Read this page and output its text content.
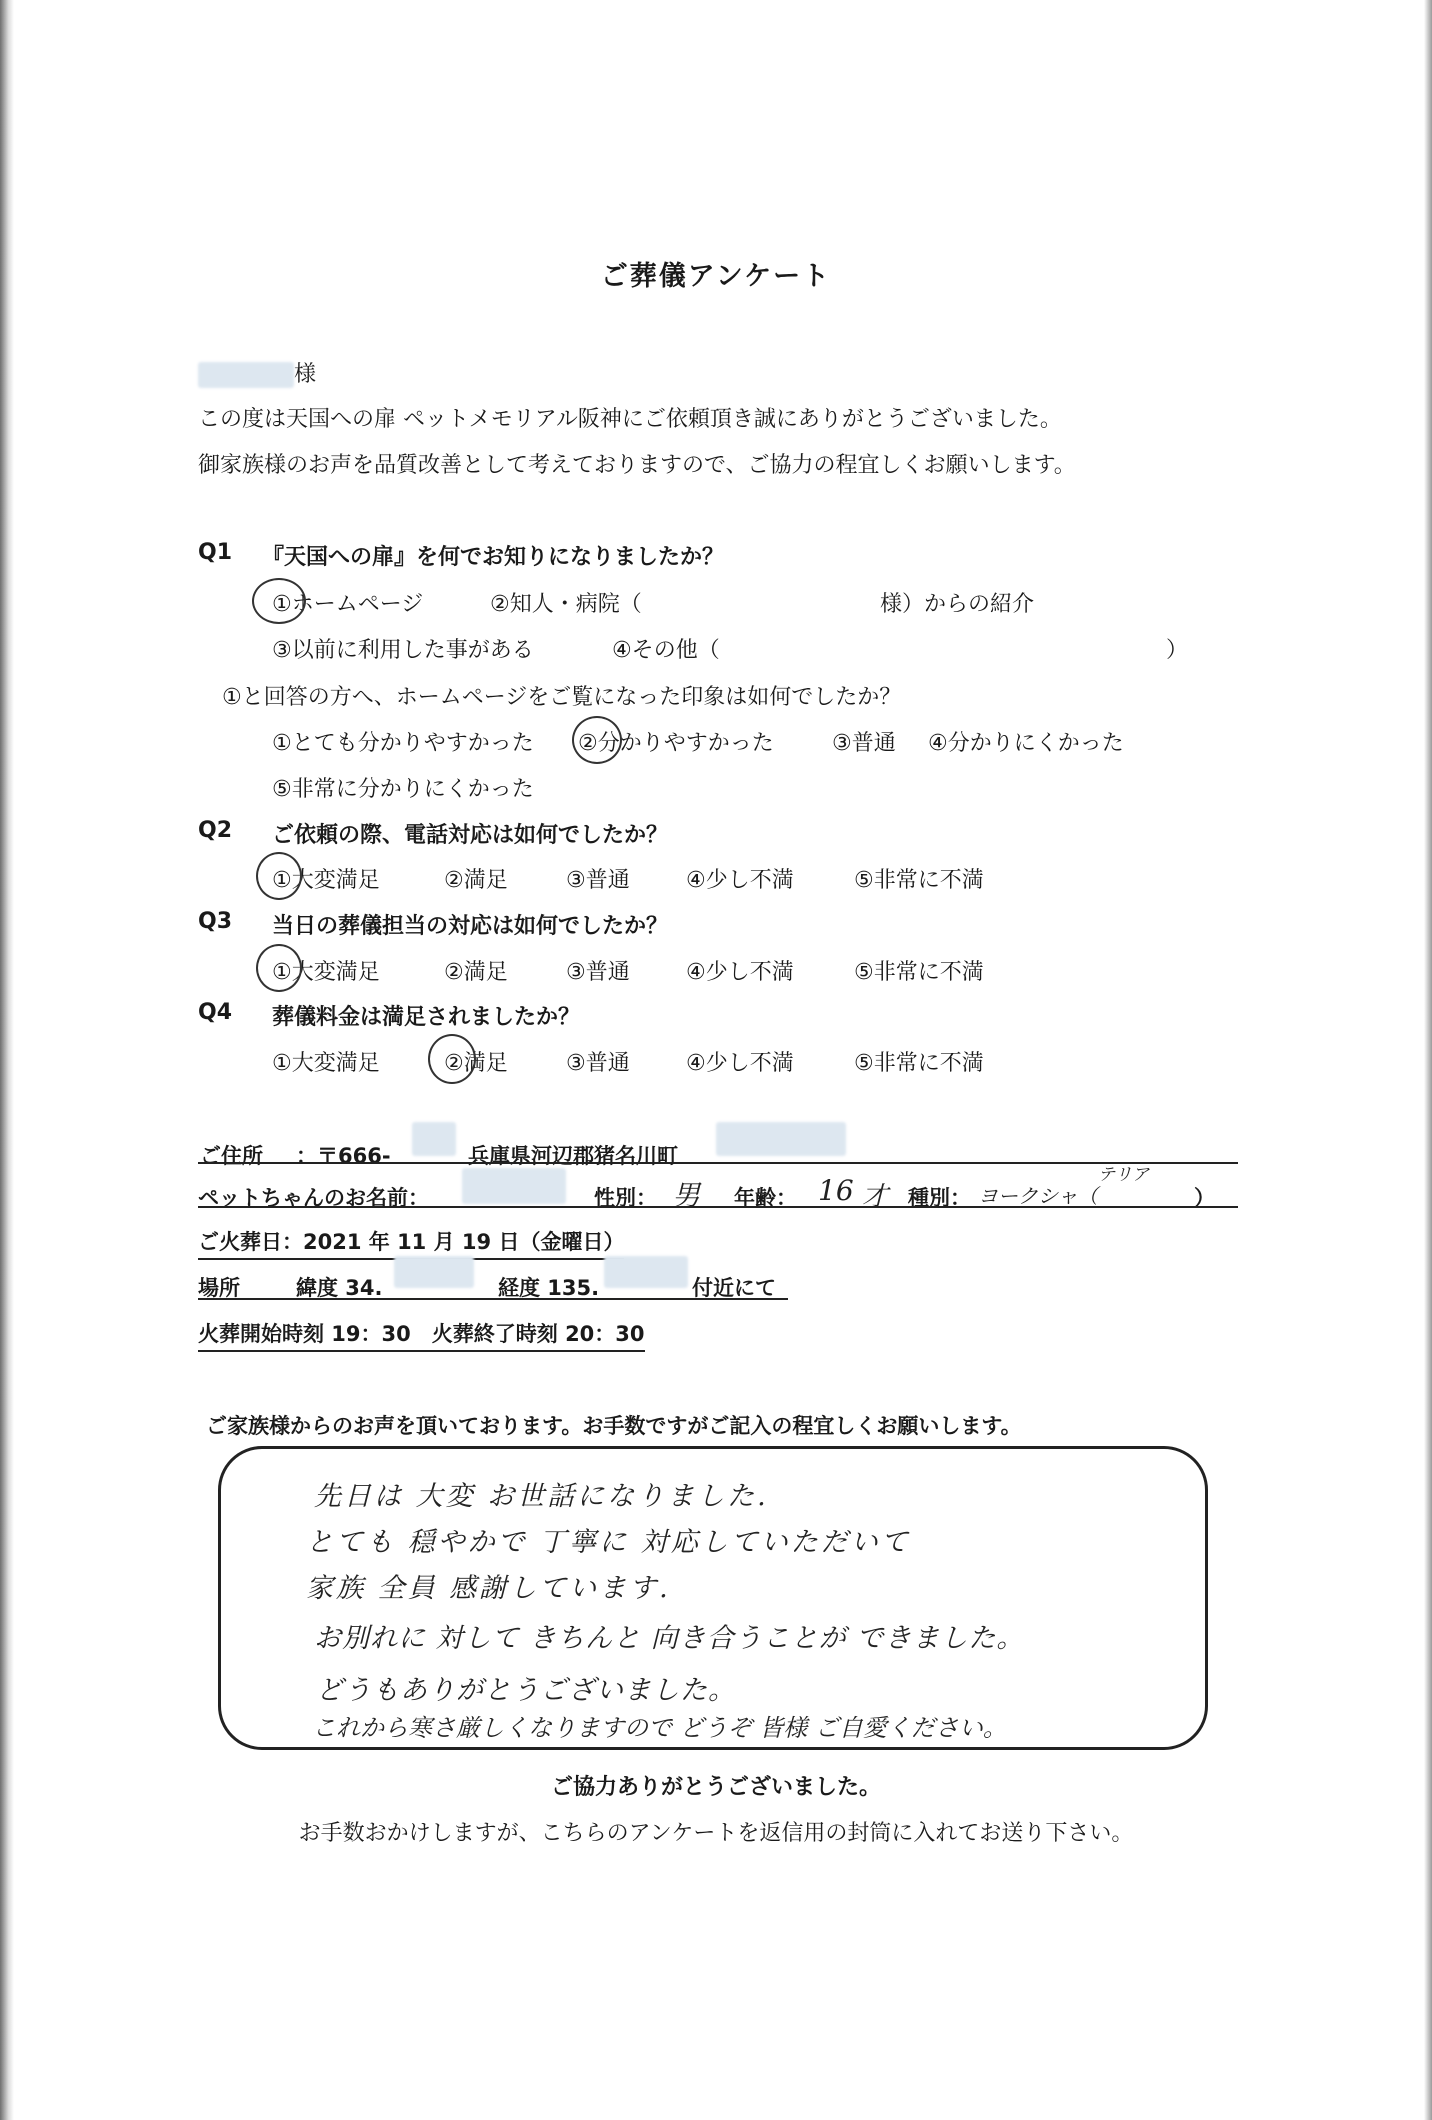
ご葬儀アンケート
様
この度は天国への扉 ペットメモリアル阪神にご依頼頂き誠にありがとうございました。
御家族様のお声を品質改善として考えておりますので、ご協力の程宜しくお願いします。
Q1 『天国への扉』を何でお知りになりましたか？
①ホームページ	②知人・病院（	様）からの紹介
③以前に利用した事がある	④その他（	）
①と回答の方へ、ホームページをご覧になった印象は如何でしたか？
①とても分かりやすかった ②分かりやすかった	③普通 ④分かりにくかった
⑤非常に分かりにくかった
Q2 ご依頼の際、電話対応は如何でしたか？
①大変満足	②満足	③普通	④少し不満	⑤非常に不満
Q3 当日の葬儀担当の対応は如何でしたか？
①大変満足	②満足	③普通	④少し不満	⑤非常に不満
Q4 葬儀料金は満足されましたか？
①大変満足	②満足	③普通	④少し不満	⑤非常に不満
ご住所 ：〒666-	兵庫県河辺郡猪名川町
ペットちゃんのお名前：	性別： 男 年齢： 16 才 種別： ヨークシャ（
テリア
）
ご火葬日：2021 年 11 月 19 日（金曜日）
場所	緯度 34.	経度 135.	付近にて
火葬開始時刻 19：30　火葬終了時刻 20：30
ご家族様からのお声を頂いております。お手数ですがご記入の程宜しくお願いします。
先日は 大変 お世話になりました.
とても 穏やかで 丁寧に 対応していただいて
家族 全員 感謝しています.
お別れに 対して きちんと 向き合うことが できました。
どうもありがとうございました。
これから寒さ厳しくなりますので どうぞ 皆様 ご自愛ください。
ご協力ありがとうございました。
お手数おかけしますが、こちらのアンケートを返信用の封筒に入れてお送り下さい。
